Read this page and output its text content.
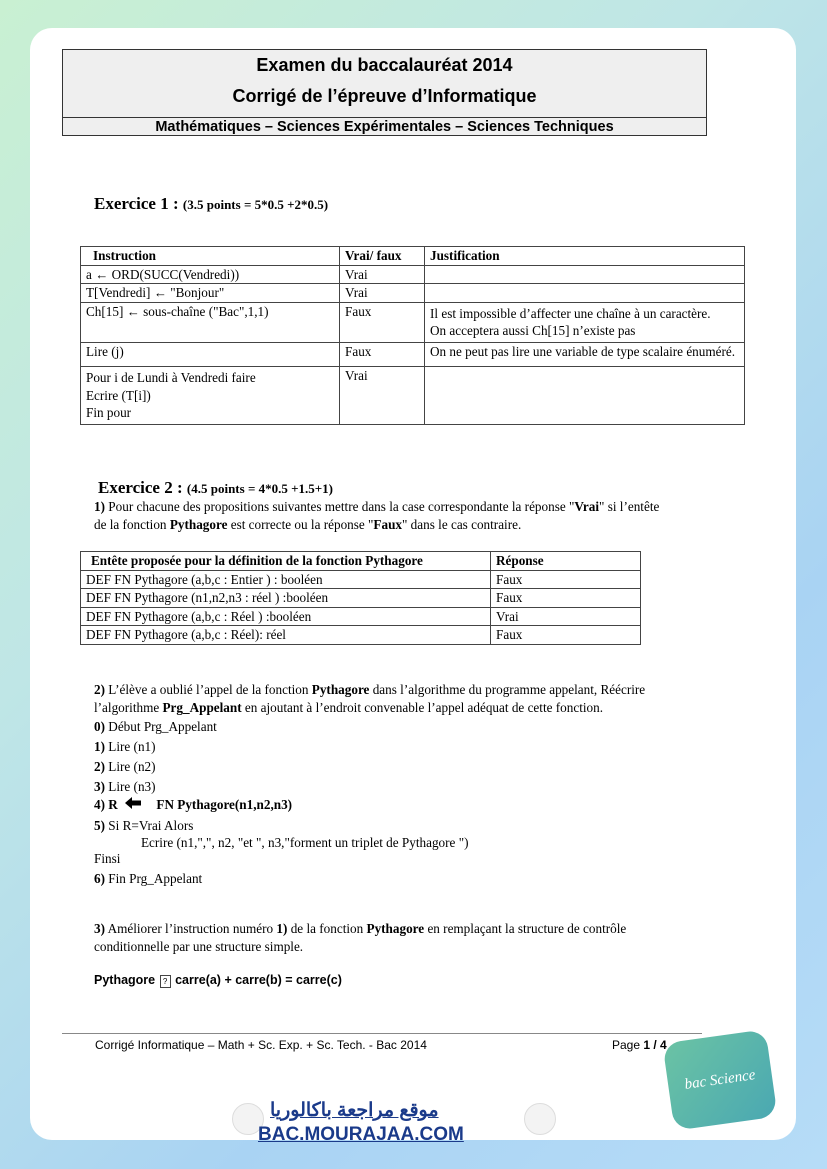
Examen du baccalauréat 2014
Corrigé de l’épreuve d’Informatique
Mathématiques – Sciences Expérimentales – Sciences Techniques
Exercice 1 : (3.5 points = 5*0.5 +2*0.5)
Instruction	Vrai/ faux	Justification
a ← ORD(SUCC(Vendredi))	Vrai	
T[Vendredi] ← "Bonjour"	Vrai	
Ch[15] ← sous-chaîne ("Bac",1,1)	Faux	Il est impossible d’affecter une chaîne à un caractère.
On acceptera aussi Ch[15] n’existe pas

Lire (j)	Faux	On ne peut pas lire une variable de type scalaire énuméré.

Pour i de Lundi à Vendredi faire
Ecrire (T[i])
Fin pour	Vrai	
Exercice 2 : (4.5 points = 4*0.5 +1.5+1)
1) Pour chacune des propositions suivantes mettre dans la case correspondante la réponse "Vrai" si l’entête
de la fonction Pythagore est correcte ou la réponse "Faux" dans le cas contraire.
Entête proposée pour la définition de la fonction Pythagore	Réponse
DEF FN Pythagore (a,b,c : Entier ) : booléen	Faux
DEF FN Pythagore (n1,n2,n3 : réel ) :booléen	Faux
DEF FN Pythagore (a,b,c : Réel ) :booléen	Vrai
DEF FN Pythagore (a,b,c : Réel): réel	Faux
2) L’élève a oublié l’appel de la fonction Pythagore dans l’algorithme du programme appelant, Réécrire
l’algorithme Prg_Appelant en ajoutant à l’endroit convenable l’appel adéquat de cette fonction.
0) Début Prg_Appelant
1) Lire (n1)
2) Lire (n2)
3) Lire (n3)
4) R	FN Pythagore(n1,n2,n3)
5) Si R=Vrai Alors
Ecrire (n1,",", n2, "et ", n3,"forment un triplet de Pythagore ")
Finsi
6) Fin Prg_Appelant
3) Améliorer l’instruction numéro 1) de la fonction Pythagore en remplaçant la structure de contrôle
conditionnelle par une structure simple.
Pythagore ? carre(a) + carre(b) = carre(c)
Corrigé Informatique – Math + Sc. Exp. + Sc. Tech. - Bac 2014	Page 1 / 4
موقع مراجعة باكالوريا
BAC.MOURAJAA.COM
bac Science
